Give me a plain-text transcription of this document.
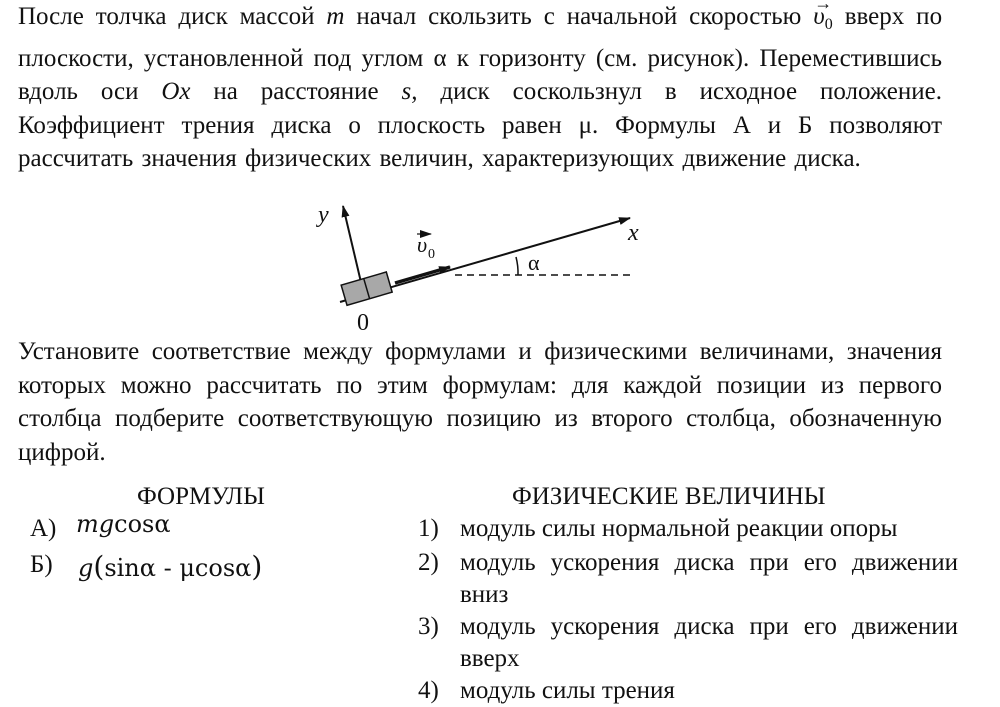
После толчка диск массой m начал скользить с начальной скоростью → $\upsilon_0$ вверх по плоскости, установленной под углом α к горизонту (см. рисунок). Переместившись вдоль оси Ox на расстояние s, диск соскользнул в исходное положение. Коэффициент трения диска о плоскость равен μ. Формулы А и Б позволяют рассчитать значения физических величин, характеризующих движение диска.
y
x
υ 0	α
0
Установите соответствие между формулами и физическими величинами, значения которых можно рассчитать по этим формулам: для каждой позиции из первого столбца подберите соответствующую позицию из второго столбца, обозначенную цифрой.
ФОРМУЛЫ	ФИЗИЧЕСКИЕ ВЕЛИЧИНЫ
А) mgcosα
Б) g(sinα - μcosα)
1) модуль силы нормальной реакции опоры
2) модуль ускорения диска при его движении вниз
3) модуль ускорения диска при его движении вверх
4) модуль силы трения
